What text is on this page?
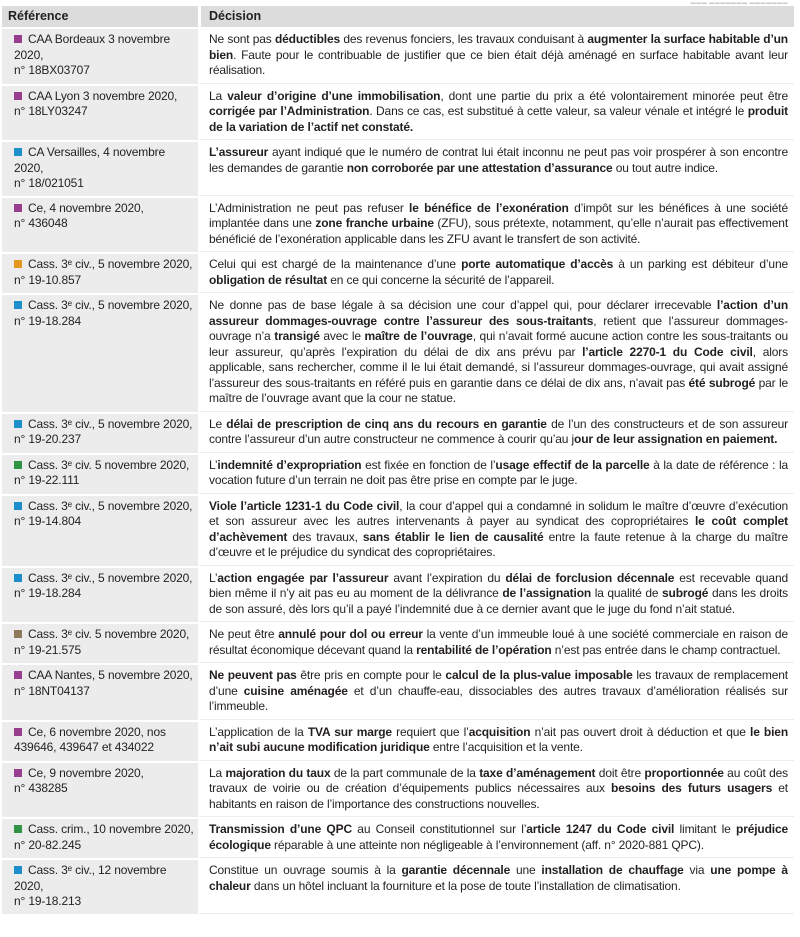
▬▬▬ ▬▬▬▬▬▬▬ ▬▬▬▬▬▬▬
Référence	Décision
CAA Bordeaux 3 novembre 2020,
n° 18BX03707	Ne sont pas déductibles des revenus fonciers, les travaux conduisant à augmenter la surface habitable d’un bien. Faute pour le contribuable de justifier que ce bien était déjà aménagé en surface habitable avant leur réalisation.
CAA Lyon 3 novembre 2020,
n° 18LY03247	La valeur d’origine d’une immobilisation, dont une partie du prix a été volontairement minorée peut être corrigée par l’Administration. Dans ce cas, est substitué à cette valeur, sa valeur vénale et intégré le produit de la variation de l’actif net constaté.
CA Versailles, 4 novembre 2020,
n° 18/021051	L’assureur ayant indiqué que le numéro de contrat lui était inconnu ne peut pas voir prospérer à son encontre les demandes de garantie non corroborée par une attestation d’assurance ou tout autre indice.
Ce, 4 novembre 2020,
n° 436048	L’Administration ne peut pas refuser le bénéfice de l’exonération d’impôt sur les bénéfices à une société implantée dans une zone franche urbaine (ZFU), sous prétexte, notamment, qu’elle n’aurait pas effectivement bénéficié de l’exonération applicable dans les ZFU avant le transfert de son activité.
Cass. 3ᵉ civ., 5 novembre 2020,
n° 19-10.857	Celui qui est chargé de la maintenance d’une porte automatique d’accès à un parking est débiteur d’une obligation de résultat en ce qui concerne la sécurité de l’appareil.
Cass. 3ᵉ civ., 5 novembre 2020,
n° 19-18.284	Ne donne pas de base légale à sa décision une cour d’appel qui, pour déclarer irrecevable l’action d’un assureur dommages-ouvrage contre l’assureur des sous-traitants, retient que l’assureur dommages-ouvrage n’a transigé avec le maître de l’ouvrage, qui n’avait formé aucune action contre les sous-traitants ou leur assureur, qu’après l’expiration du délai de dix ans prévu par l’article 2270-1 du Code civil, alors applicable, sans rechercher, comme il le lui était demandé, si l’assureur dommages-ouvrage, qui avait assigné l’assureur des sous-traitants en référé puis en garantie dans ce délai de dix ans, n’avait pas été subrogé par le maître de l’ouvrage avant que la cour ne statue.
Cass. 3ᵉ civ., 5 novembre 2020,
n° 19-20.237	Le délai de prescription de cinq ans du recours en garantie de l’un des constructeurs et de son assureur contre l’assureur d’un autre constructeur ne commence à courir qu’au jour de leur assignation en paiement.
Cass. 3ᵉ civ. 5 novembre 2020,
n° 19-22.111	L’indemnité d’expropriation est fixée en fonction de l’usage effectif de la parcelle à la date de référence : la vocation future d’un terrain ne doit pas être prise en compte par le juge.
Cass. 3ᵉ civ., 5 novembre 2020,
n° 19-14.804	Viole l’article 1231-1 du Code civil, la cour d’appel qui a condamné in solidum le maître d’œuvre d’exécution et son assureur avec les autres intervenants à payer au syndicat des copropriétaires le coût complet d’achèvement des travaux, sans établir le lien de causalité entre la faute retenue à la charge du maître d’œuvre et le préjudice du syndicat des copropriétaires.
Cass. 3ᵉ civ., 5 novembre 2020,
n° 19-18.284	L’action engagée par l’assureur avant l’expiration du délai de forclusion décennale est recevable quand bien même il n’y ait pas eu au moment de la délivrance de l’assignation la qualité de subrogé dans les droits de son assuré, dès lors qu’il a payé l’indemnité due à ce dernier avant que le juge du fond n’ait statué.
Cass. 3ᵉ civ. 5 novembre 2020,
n° 19-21.575	Ne peut être annulé pour dol ou erreur la vente d’un immeuble loué à une société commerciale en raison de résultat économique décevant quand la rentabilité de l’opération n’est pas entrée dans le champ contractuel.
CAA Nantes, 5 novembre 2020,
n° 18NT04137	Ne peuvent pas être pris en compte pour le calcul de la plus-value imposable les travaux de remplacement d’une cuisine aménagée et d’un chauffe-eau, dissociables des autres travaux d’amélioration réalisés sur l’immeuble.
Ce, 6 novembre 2020, nos
439646, 439647 et 434022	L’application de la TVA sur marge requiert que l’acquisition n’ait pas ouvert droit à déduction et que le bien n’ait subi aucune modification juridique entre l’acquisition et la vente.
Ce, 9 novembre 2020,
n° 438285	La majoration du taux de la part communale de la taxe d’aménagement doit être proportionnée au coût des travaux de voirie ou de création d’équipements publics nécessaires aux besoins des futurs usagers et habitants en raison de l’importance des constructions nouvelles.
Cass. crim., 10 novembre 2020,
n° 20-82.245	Transmission d’une QPC au Conseil constitutionnel sur l’article 1247 du Code civil limitant le préjudice écologique réparable à une atteinte non négligeable à l’environnement (aff. n° 2020-881 QPC).
Cass. 3ᵉ civ., 12 novembre 2020,
n° 19-18.213	Constitue un ouvrage soumis à la garantie décennale une installation de chauffage via une pompe à chaleur dans un hôtel incluant la fourniture et la pose de toute l’installation de climatisation.
